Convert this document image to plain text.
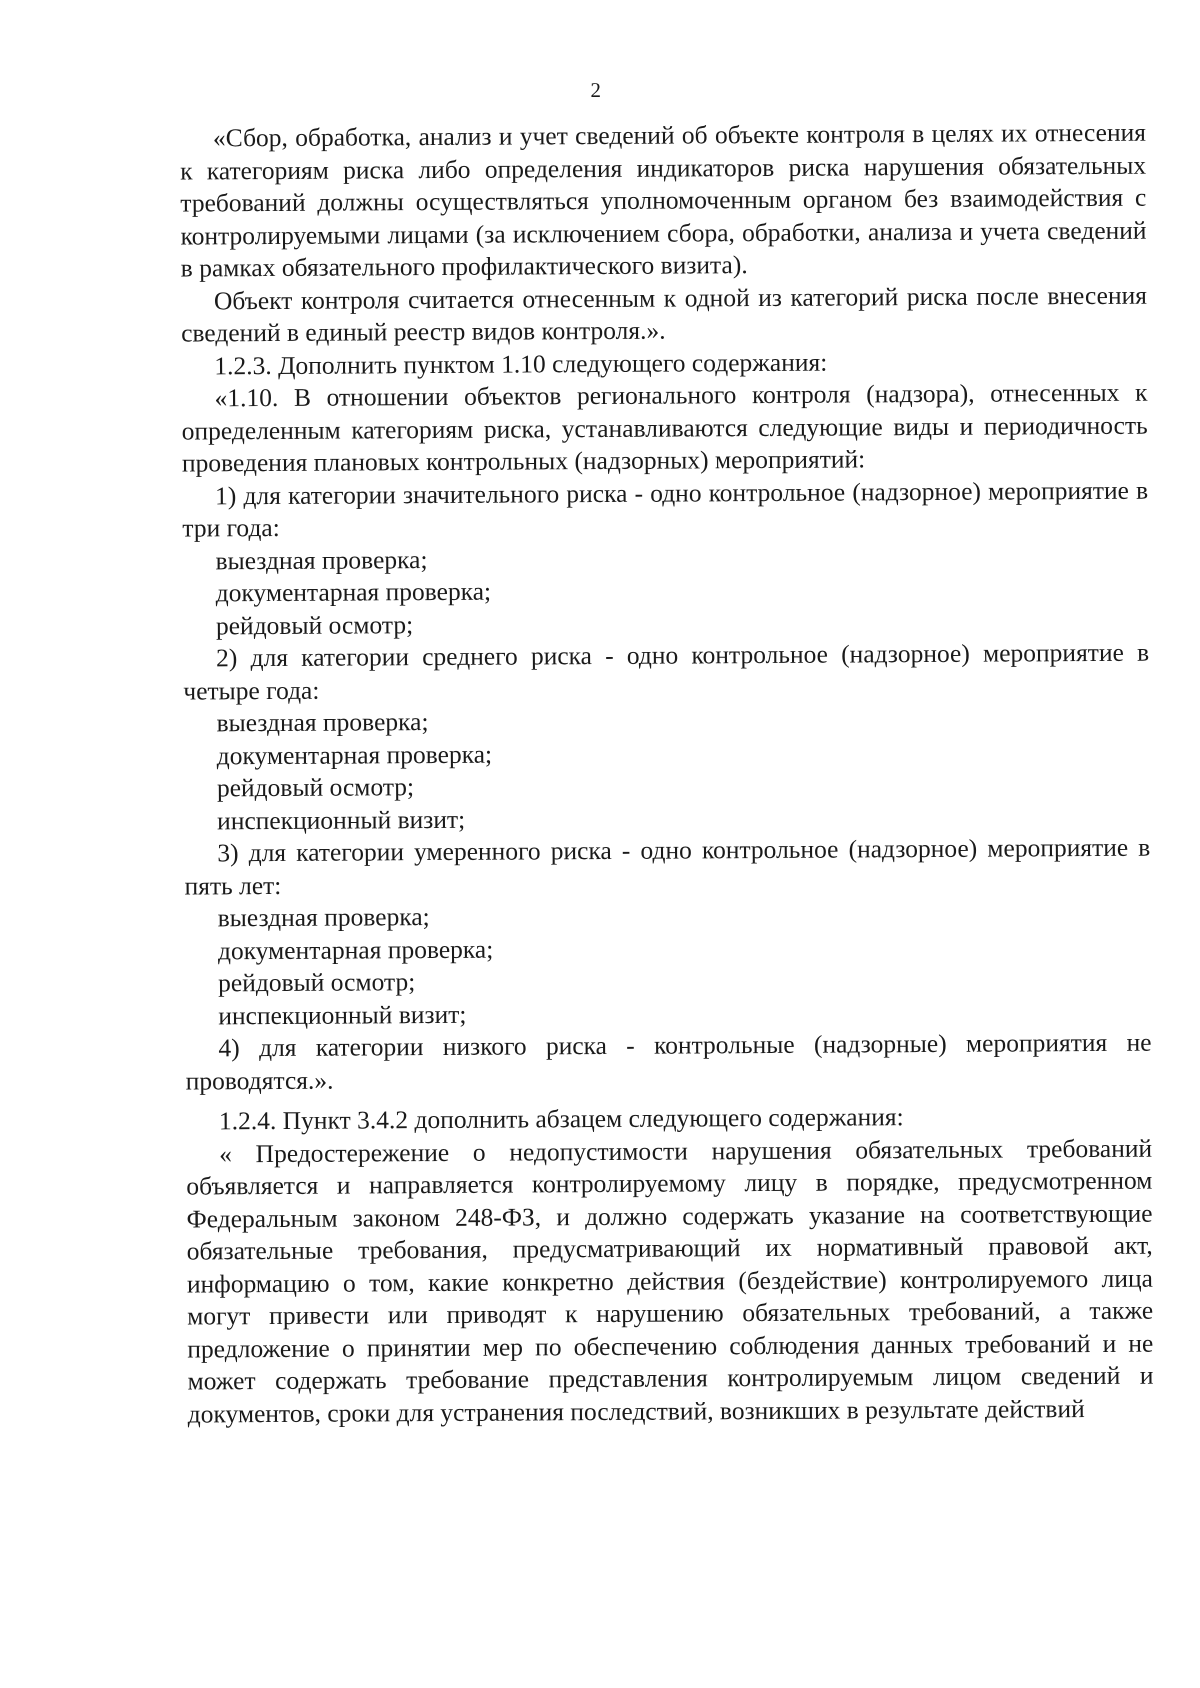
2

«Сбор, обработка, анализ и учет сведений об объекте контроля в целях их отнесения к категориям риска либо определения индикаторов риска нарушения обязательных требований должны осуществляться уполномоченным органом без взаимодействия с контролируемыми лицами (за исключением сбора, обработки, анализа и учета сведений в рамках обязательного профилактического визита).

Объект контроля считается отнесенным к одной из категорий риска после внесения сведений в единый реестр видов контроля.».

1.2.3. Дополнить пунктом 1.10 следующего содержания:

«1.10. В отношении объектов регионального контроля (надзора), отнесенных к определенным категориям риска, устанавливаются следующие виды и периодичность проведения плановых контрольных (надзорных) мероприятий:

1) для категории значительного риска - одно контрольное (надзорное) мероприятие в три года:

выездная проверка;

документарная проверка;

рейдовый осмотр;

2) для категории среднего риска - одно контрольное (надзорное) мероприятие в четыре года:

выездная проверка;

документарная проверка;

рейдовый осмотр;

инспекционный визит;

3) для категории умеренного риска - одно контрольное (надзорное) мероприятие в пять лет:

выездная проверка;

документарная проверка;

рейдовый осмотр;

инспекционный визит;

4) для категории низкого риска - контрольные (надзорные) мероприятия не проводятся.».

1.2.4. Пункт 3.4.2 дополнить абзацем следующего содержания:

« Предостережение о недопустимости нарушения обязательных требований объявляется и направляется контролируемому лицу в порядке, предусмотренном Федеральным законом 248-ФЗ, и должно содержать указание на соответствующие обязательные требования, предусматривающий их нормативный правовой акт, информацию о том, какие конкретно действия (бездействие) контролируемого лица могут привести или приводят к нарушению обязательных требований, а также предложение о принятии мер по обеспечению соблюдения данных требований и не может содержать требование представления контролируемым лицом сведений и документов, сроки для устранения последствий, возникших в результате действий
